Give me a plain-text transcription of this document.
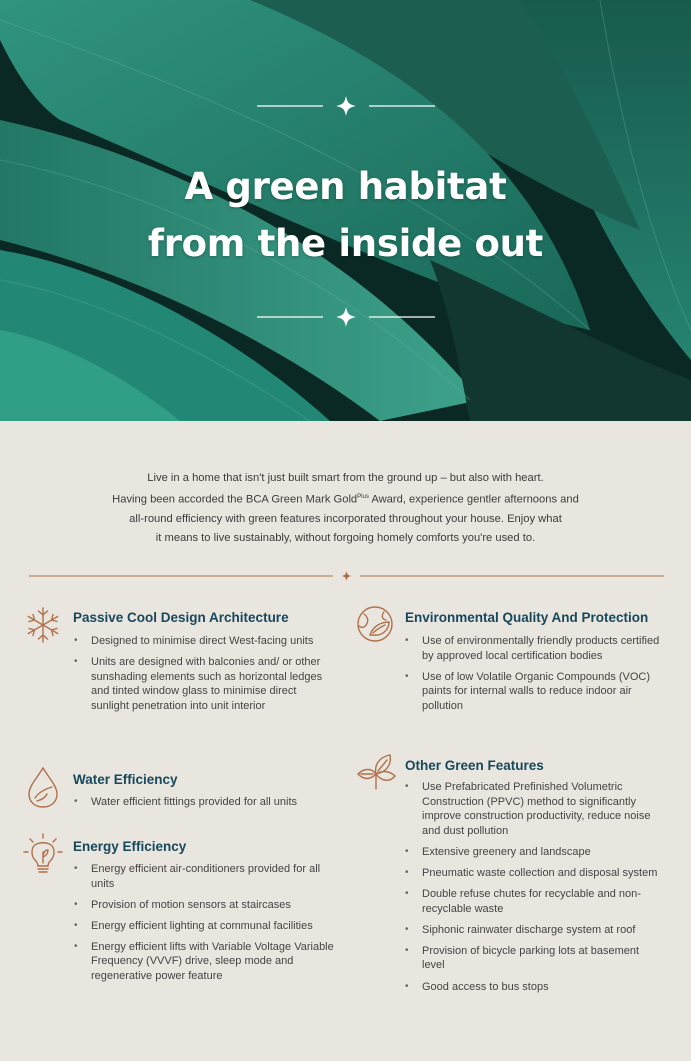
A green habitat
from the inside out
Live in a home that isn't just built smart from the ground up – but also with heart.
Having been accorded the BCA Green Mark Gold$^{Plus}$ Award, experience gentler afternoons and
all-round efficiency with green features incorporated throughout your house. Enjoy what
it means to live sustainably, without forgoing homely comforts you're used to.
Passive Cool Design Architecture
• Designed to minimise direct West-facing units
• Units are designed with balconies and/ or other sunshading elements such as horizontal ledges and tinted window glass to minimise direct sunlight penetration into unit interior
Water Efficiency
• Water efficient fittings provided for all units
Energy Efficiency
• Energy efficient air-conditioners provided for all units
• Provision of motion sensors at staircases
• Energy efficient lighting at communal facilities
• Energy efficient lifts with Variable Voltage Variable Frequency (VVVF) drive, sleep mode and regenerative power feature
Environmental Quality And Protection
• Use of environmentally friendly products certified by approved local certification bodies
• Use of low Volatile Organic Compounds (VOC) paints for internal walls to reduce indoor air pollution
Other Green Features
• Use Prefabricated Prefinished Volumetric Construction (PPVC) method to significantly improve construction productivity, reduce noise and dust pollution
• Extensive greenery and landscape
• Pneumatic waste collection and disposal system
• Double refuse chutes for recyclable and non-recyclable waste
• Siphonic rainwater discharge system at roof
• Provision of bicycle parking lots at basement level
• Good access to bus stops
